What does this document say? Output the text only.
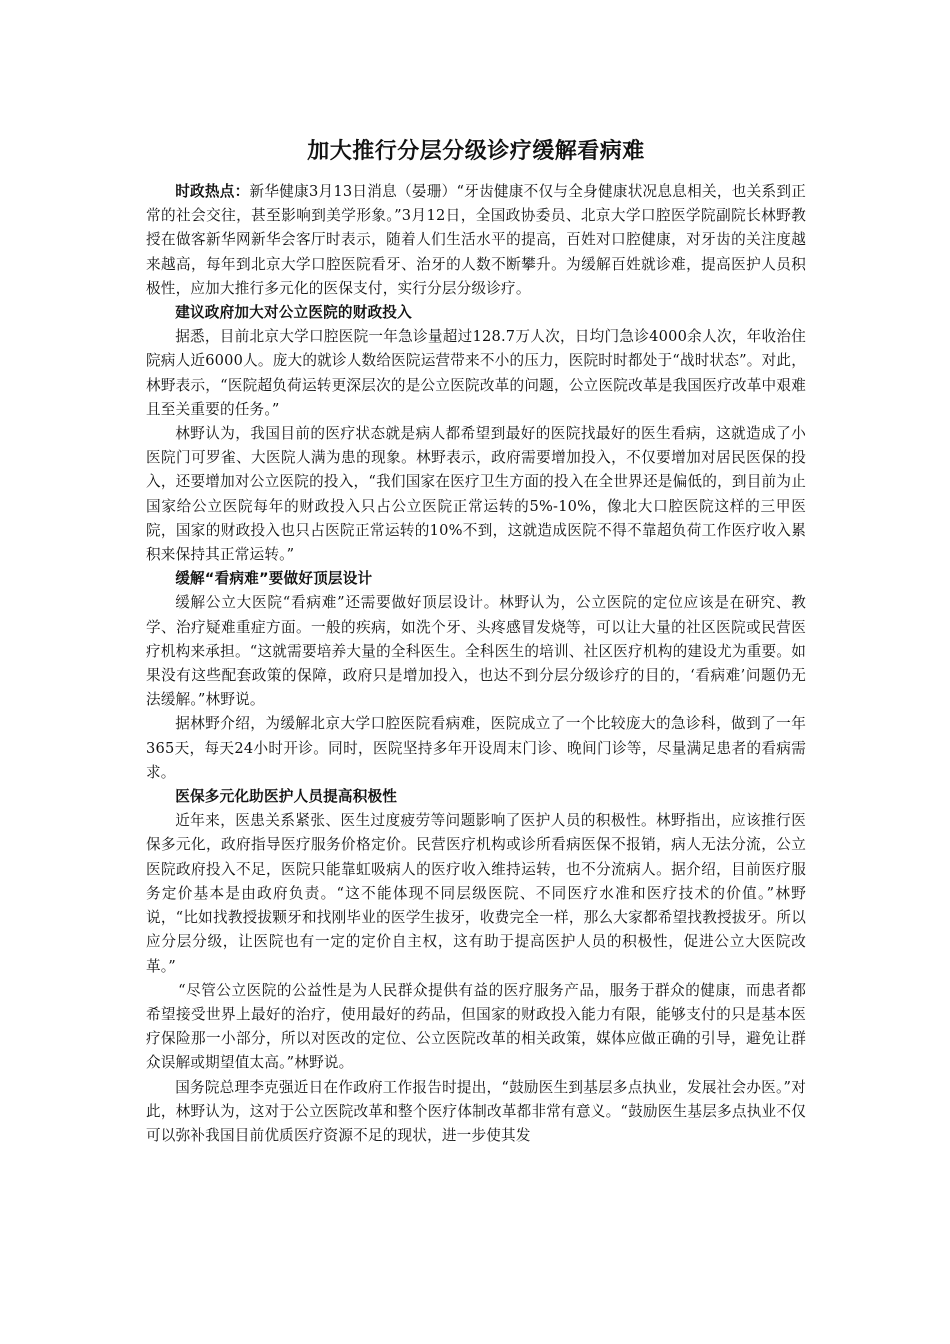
加大推行分层分级诊疗缓解看病难

时政热点：新华健康3月13日消息（晏珊）“牙齿健康不仅与全身健康状况息息相关，也关系到正常的社会交往，甚至影响到美学形象。”3月12日，全国政协委员、北京大学口腔医学院副院长林野教授在做客新华网新华会客厅时表示，随着人们生活水平的提高，百姓对口腔健康，对牙齿的关注度越来越高，每年到北京大学口腔医院看牙、治牙的人数不断攀升。为缓解百姓就诊难，提高医护人员积极性，应加大推行多元化的医保支付，实行分层分级诊疗。

建议政府加大对公立医院的财政投入

据悉，目前北京大学口腔医院一年急诊量超过128.7万人次，日均门急诊4000余人次，年收治住院病人近6000人。庞大的就诊人数给医院运营带来不小的压力，医院时时都处于“战时状态”。对此，林野表示，“医院超负荷运转更深层次的是公立医院改革的问题，公立医院改革是我国医疗改革中艰难且至关重要的任务。”

林野认为，我国目前的医疗状态就是病人都希望到最好的医院找最好的医生看病，这就造成了小医院门可罗雀、大医院人满为患的现象。林野表示，政府需要增加投入，不仅要增加对居民医保的投入，还要增加对公立医院的投入，“我们国家在医疗卫生方面的投入在全世界还是偏低的，到目前为止国家给公立医院每年的财政投入只占公立医院正常运转的5%-10%，像北大口腔医院这样的三甲医院，国家的财政投入也只占医院正常运转的10%不到，这就造成医院不得不靠超负荷工作医疗收入累积来保持其正常运转。”

缓解“看病难”要做好顶层设计

缓解公立大医院“看病难”还需要做好顶层设计。林野认为，公立医院的定位应该是在研究、教学、治疗疑难重症方面。一般的疾病，如洗个牙、头疼感冒发烧等，可以让大量的社区医院或民营医疗机构来承担。“这就需要培养大量的全科医生。全科医生的培训、社区医疗机构的建设尤为重要。如果没有这些配套政策的保障，政府只是增加投入，也达不到分层分级诊疗的目的，‘看病难’问题仍无法缓解。”林野说。

据林野介绍，为缓解北京大学口腔医院看病难，医院成立了一个比较庞大的急诊科，做到了一年365天，每天24小时开诊。同时，医院坚持多年开设周末门诊、晚间门诊等，尽量满足患者的看病需求。

医保多元化助医护人员提高积极性

近年来，医患关系紧张、医生过度疲劳等问题影响了医护人员的积极性。林野指出，应该推行医保多元化，政府指导医疗服务价格定价。民营医疗机构或诊所看病医保不报销，病人无法分流，公立医院政府投入不足，医院只能靠虹吸病人的医疗收入维持运转，也不分流病人。据介绍，目前医疗服务定价基本是由政府负责。“这不能体现不同层级医院、不同医疗水准和医疗技术的价值。”林野说，“比如找教授拔颗牙和找刚毕业的医学生拔牙，收费完全一样，那么大家都希望找教授拔牙。所以应分层分级，让医院也有一定的定价自主权，这有助于提高医护人员的积极性，促进公立大医院改革。”

“尽管公立医院的公益性是为人民群众提供有益的医疗服务产品，服务于群众的健康，而患者都希望接受世界上最好的治疗，使用最好的药品，但国家的财政投入能力有限，能够支付的只是基本医疗保险那一小部分，所以对医改的定位、公立医院改革的相关政策，媒体应做正确的引导，避免让群众误解或期望值太高。”林野说。

国务院总理李克强近日在作政府工作报告时提出，“鼓励医生到基层多点执业，发展社会办医。”对此，林野认为，这对于公立医院改革和整个医疗体制改革都非常有意义。“鼓励医生基层多点执业不仅可以弥补我国目前优质医疗资源不足的现状，进一步使其发
